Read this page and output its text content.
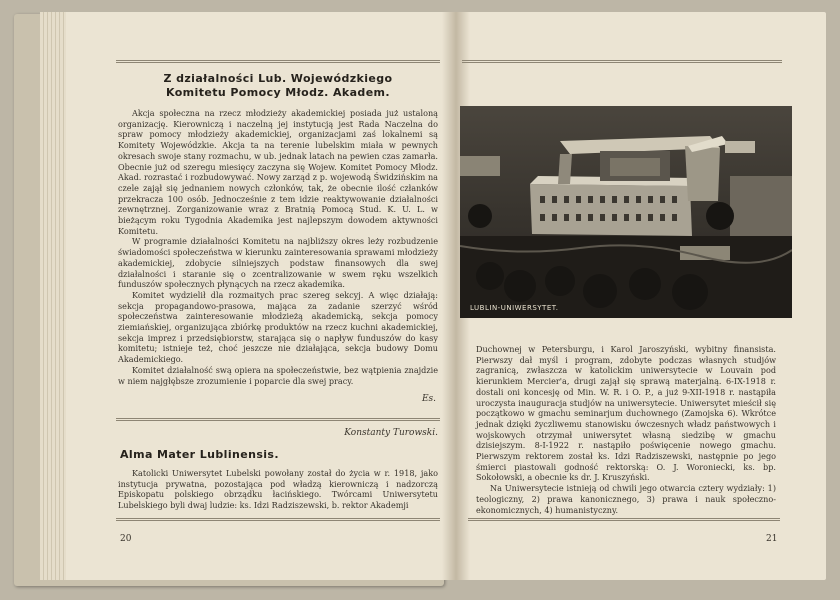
Z działalności Lub. Wojewódzkiego
Komitetu Pomocy Młodz. Akadem.

Akcja społeczna na rzecz młodzieży akademickiej posiada już ustaloną organizację. Kierowniczą i naczelną jej instytucją jest Rada Naczelna do spraw pomocy młodzieży akademickiej, organizacjami zaś lokalnemi są Komitety Wojewódzkie. Akcja ta na terenie lubelskim miała w pewnych okresach swoje stany rozmachu, w ub. jednak latach na pewien czas zamarła. Obecnie już od szeregu miesięcy zaczyna się Wojew. Komitet Pomocy Młodz. Akad. rozrastać i rozbudowywać. Nowy zarząd z p. wojewodą Świdzińskim na czele zajął się jednaniem nowych członków, tak, że obecnie ilość człanków przekracza 100 osób. Jednocześnie z tem idzie reaktywowanie działalności zewnętrznej. Zorganizowanie wraz z Bratnią Pomocą Stud. K. U. L. w bieżącym roku Tygodnia Akademika jest najlepszym dowodem aktywności Komitetu.

W programie działalności Komitetu na najbliższy okres leży rozbudzenie świadomości społeczeństwa w kierunku zainteresowania sprawami młodzieży akademickiej, zdobycie silniejszych podstaw finansowych dla swej działalności i staranie się o zcentralizowanie w swem ręku wszelkich funduszów społecznych płynących na rzecz akademika.

Komitet wydzielił dla rozmaitych prac szereg sekcyj. A więc działają: sekcja propagandowo-prasowa, mająca za zadanie szerzyć wśród społeczeństwa zainteresowanie młodzieżą akademicką, sekcja pomocy ziemiańskiej, organizująca zbiórkę produktów na rzecz kuchni akademickiej, sekcja imprez i przedsiębiorstw, starająca się o napływ funduszów do kasy komitetu; istnieje też, choć jeszcze nie działająca, sekcja budowy Domu Akademickiego.

Komitet działalność swą opiera na społeczeństwie, bez wątpienia znajdzie w niem najgłębsze zrozumienie i poparcie dla swej pracy.

Es.
Konstanty Turowski.
Alma Mater Lublinensis.

Katolicki Uniwersytet Lubelski powołany został do życia w r. 1918, jako instytucja prywatna, pozostająca pod władzą kierowniczą i nadzorczą Episkopatu polskiego obrządku łacińskiego. Twórcami Uniwersytetu Lubelskiego byli dwaj ludzie: ks. Idzi Radziszewski, b. rektor Akademji

20
LUBLIN-UNIWERSYTET.

Duchownej w Petersburgu, i Karol Jaroszyński, wybitny finansista. Pierwszy dał myśl i program, zdobyte podczas własnych studjów zagranicą, zwłaszcza w katolickim uniwersytecie w Louvain pod kierunkiem Mercier'a, drugi zajął się sprawą materjalną. 6-IX-1918 r. dostali oni koncesję od Min. W. R. i O. P., a już 9-XII-1918 r. nastąpiła uroczysta inauguracja studjów na uniwersytecie. Uniwersytet mieścił się początkowo w gmachu seminarjum duchownego (Zamojska 6). Wkrótce jednak dzięki życzliwemu stanowisku ówczesnych władz państwowych i wojskowych otrzymał uniwersytet własną siedzibę w gmachu dzisiejszym. 8-I-1922 r. nastąpiło poświęcenie nowego gmachu. Pierwszym rektorem został ks. Idzi Radziszewski, następnie po jego śmierci piastowali godność rektorską: O. J. Woroniecki, ks. bp. Sokołowski, a obecnie ks dr. J. Kruszyński.

Na Uniwersytecie istnieją od chwili jego otwarcia cztery wydziały: 1) teologiczny, 2) prawa kanonicznego, 3) prawa i nauk społeczno-ekonomicznych, 4) humanistyczny.

21
